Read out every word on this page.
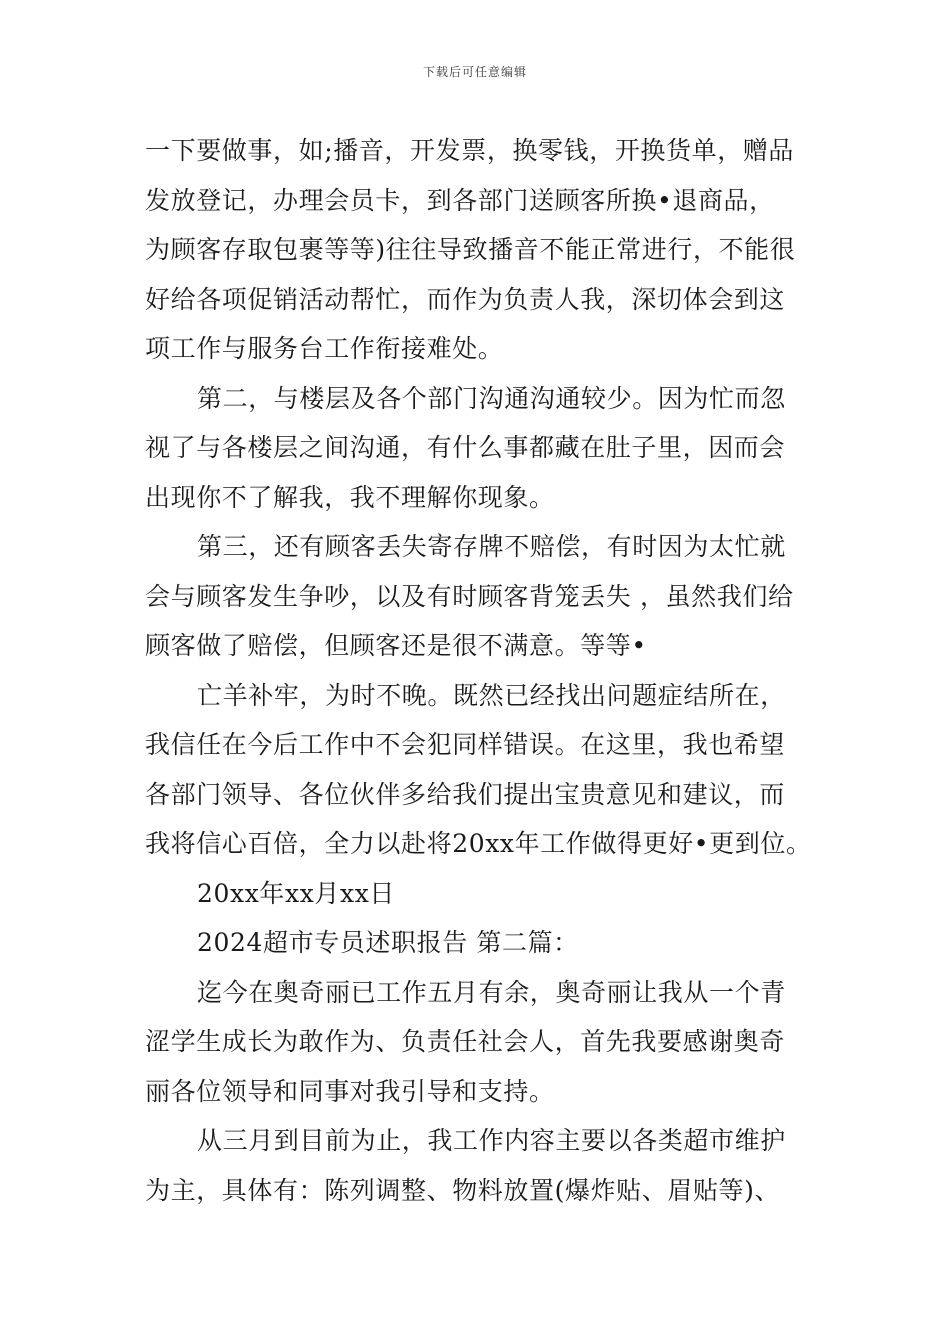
下载后可任意编辑
一下要做事，如;播音，开发票，换零钱，开换货单，赠品
发放登记，办理会员卡，到各部门送顾客所换•退商品，
为顾客存取包裹等等)往往导致播音不能正常进行，不能很
好给各项促销活动帮忙，而作为负责人我，深切体会到这
项工作与服务台工作衔接难处。
第二，与楼层及各个部门沟通沟通较少。因为忙而忽
视了与各楼层之间沟通，有什么事都藏在肚子里，因而会
出现你不了解我，我不理解你现象。
第三，还有顾客丢失寄存牌不赔偿，有时因为太忙就
会与顾客发生争吵，以及有时顾客背笼丢失 ，虽然我们给
顾客做了赔偿，但顾客还是很不满意。等等•
亡羊补牢，为时不晚。既然已经找出问题症结所在，
我信任在今后工作中不会犯同样错误。在这里，我也希望
各部门领导、各位伙伴多给我们提出宝贵意见和建议，而
我将信心百倍，全力以赴将20xx年工作做得更好•更到位。
20xx年xx月xx日
2024超市专员述职报告 第二篇：
迄今在奥奇丽已工作五月有余，奥奇丽让我从一个青
涩学生成长为敢作为、负责任社会人，首先我要感谢奥奇
丽各位领导和同事对我引导和支持。
从三月到目前为止，我工作内容主要以各类超市维护
为主，具体有：陈列调整、物料放置(爆炸贴、眉贴等)、
